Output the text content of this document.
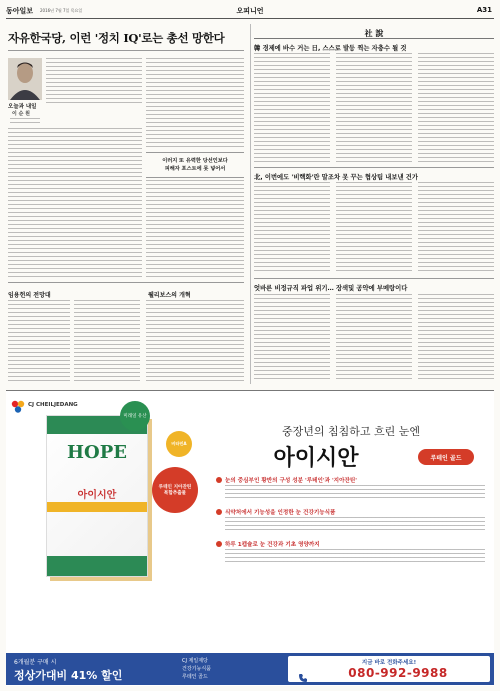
동아일보 2016년 7월 7일 목요일	오피니언	A31
자유한국당, 이런 '정치 IQ'로는 총선 망한다
오늘과 내일
이 순 원
이러지 또 유력한 당선인보다
피해자 포스트에 못 넣어서
임용헌의 전망대	웰리보스의 개혁
社 說
韓 경제에 바수 거는 日, 스스로 발등 찍는 자충수 될 것
北, 이번에도 '비핵화'란 말조차 못 꾸는 협상팀 내보낸 건가
엇바른 비정규직 파업 위기… 장색및 공약에 부메랑이다
CJ CHEILJEDANG
HOPE
아이시안
미래일 유산
비타민A
루테인 지아잔틴 복합추출물
중장년의 침침하고 흐린 눈엔
아이시안	루테인 골드
눈의 중심부인 황반의 구성 성분 '루테인'과 '지아잔틴'
식약처에서 기능성을 인정한 눈 건강기능식품
하루 1캡슐로 눈 건강과 기초 영양까지
6개월분 구매 시
정상가대비 41% 할인
CJ 제일제당
건강기능식품
루테인 골드
지금 바로 전화주세요!
080-992-9988
